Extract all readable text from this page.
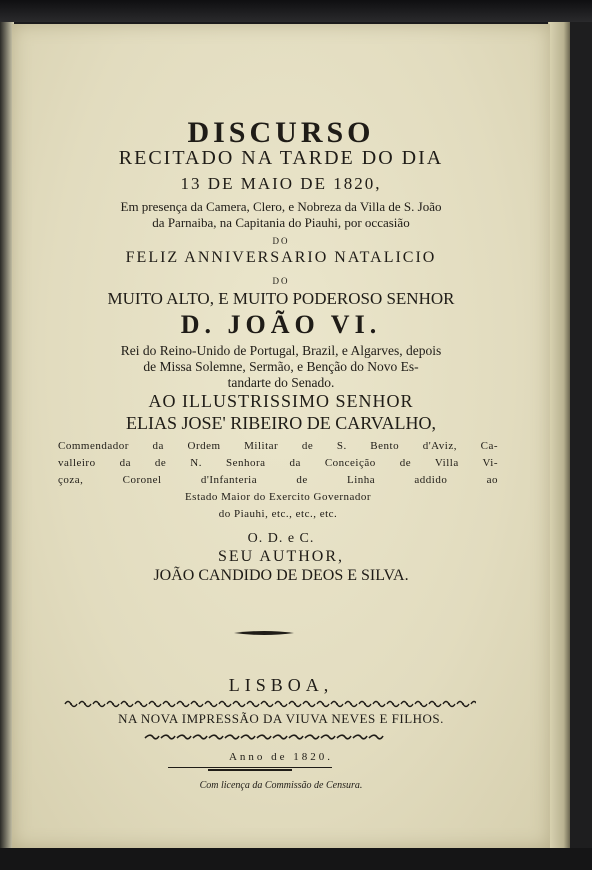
DISCURSO
RECITADO NA TARDE DO DIA
13 DE MAIO DE 1820,
Em presença da Camera, Clero, e Nobreza da Villa de S. João
da Parnaiba, na Capitania do Piauhi, por occasião
DO
FELIZ ANNIVERSARIO NATALICIO
DO
MUITO ALTO, E MUITO PODEROSO SENHOR
D. JOÃO VI.
Rei do Reino-Unido de Portugal, Brazil, e Algarves, depois
de Missa Solemne, Sermão, e Benção do Novo Es-
tandarte do Senado.
AO ILLUSTRISSIMO SENHOR
ELIAS JOSE' RIBEIRO DE CARVALHO,
Commendador da Ordem Militar de S. Bento d'Aviz, Ca-
valleiro da de N. Senhora da Conceição de Villa Vi-
çoza, Coronel d'Infanteria de Linha addido ao
Estado Maior do Exercito Governador
do Piauhi, etc., etc., etc.
O. D. e C.
SEU AUTHOR,
JOÃO CANDIDO DE DEOS E SILVA.
LISBOA,
NA NOVA IMPRESSÃO DA VIUVA NEVES E FILHOS.
Anno de 1820.
Com licença da Commissão de Censura.
